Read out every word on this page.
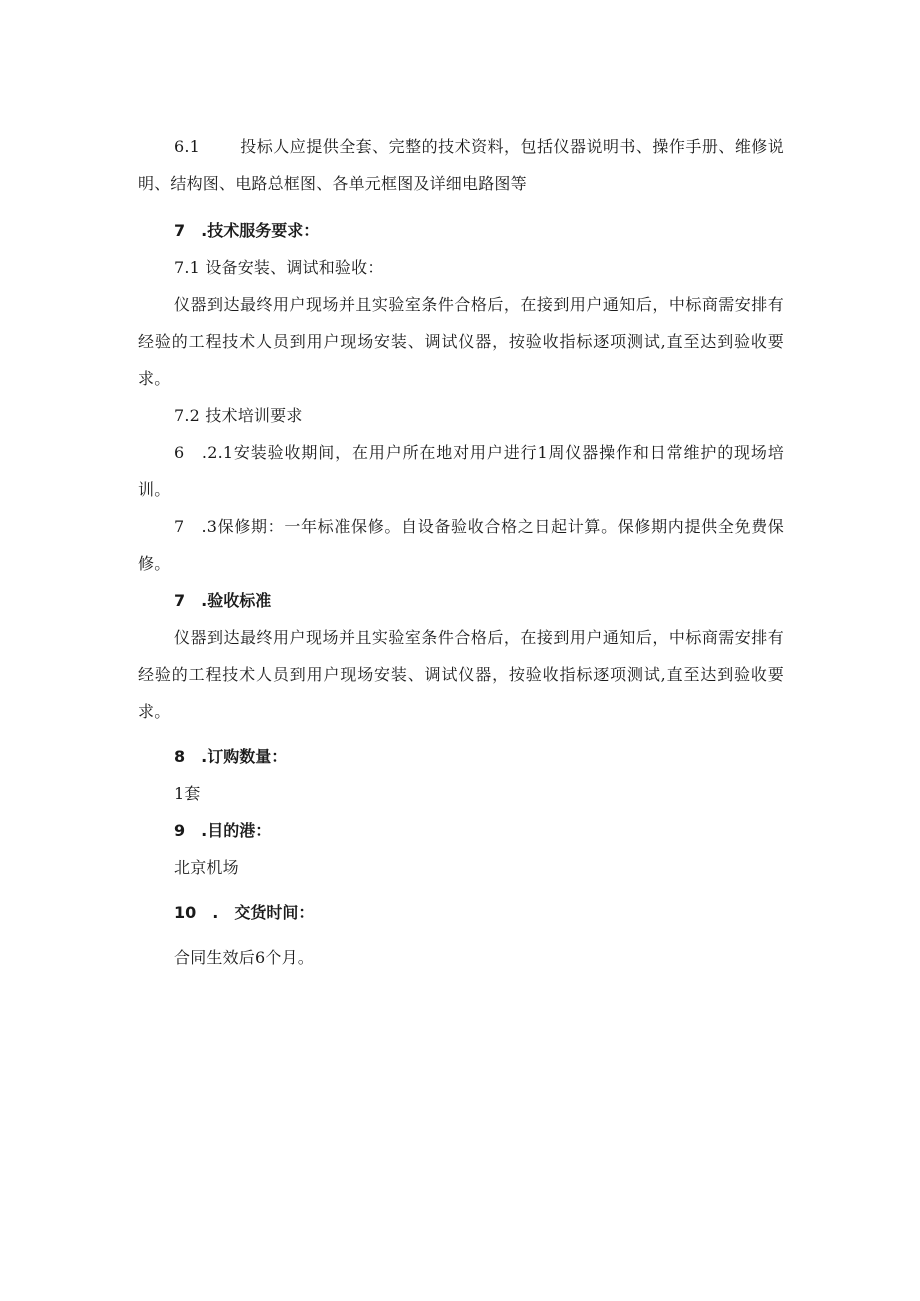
6.1 投标人应提供全套、完整的技术资料，包括仪器说明书、操作手册、维修说明、结构图、电路总框图、各单元框图及详细电路图等

7　.技术服务要求：

7.1 设备安装、调试和验收：

仪器到达最终用户现场并且实验室条件合格后，在接到用户通知后，中标商需安排有经验的工程技术人员到用户现场安装、调试仪器，按验收指标逐项测试,直至达到验收要求。

7.2 技术培训要求

6　.2.1安装验收期间，在用户所在地对用户进行1周仪器操作和日常维护的现场培训。

7　.3保修期：一年标准保修。自设备验收合格之日起计算。保修期内提供全免费保修。

7　.验收标准

仪器到达最终用户现场并且实验室条件合格后，在接到用户通知后，中标商需安排有经验的工程技术人员到用户现场安装、调试仪器，按验收指标逐项测试,直至达到验收要求。

8　.订购数量：

1套

9　.目的港：

北京机场

10　.　交货时间：

合同生效后6个月。
